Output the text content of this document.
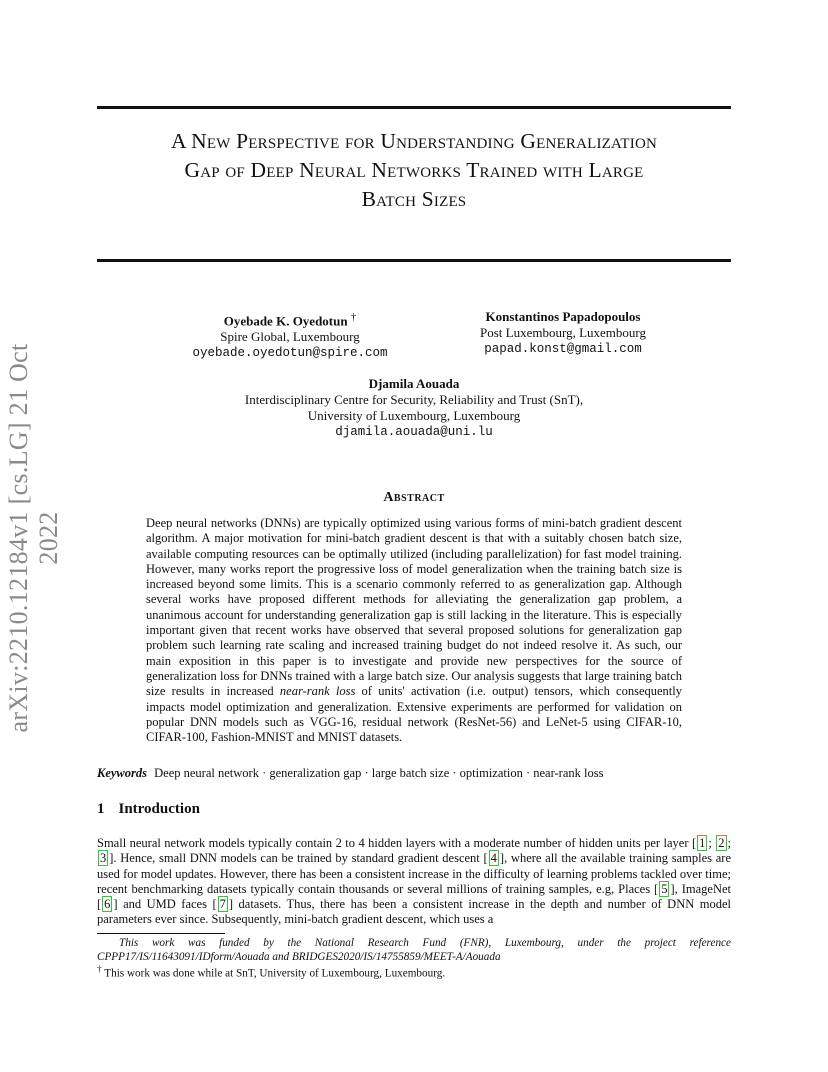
arXiv:2210.12184v1 [cs.LG] 21 Oct 2022
A New Perspective for Understanding Generalization
Gap of Deep Neural Networks Trained with Large
Batch Sizes
Oyebade K. Oyedotun †
Spire Global, Luxembourg
oyebade.oyedotun@spire.com
Konstantinos Papadopoulos
Post Luxembourg, Luxembourg
papad.konst@gmail.com
Djamila Aouada
Interdisciplinary Centre for Security, Reliability and Trust (SnT),
University of Luxembourg, Luxembourg
djamila.aouada@uni.lu
Abstract
Deep neural networks (DNNs) are typically optimized using various forms of mini-batch gradient descent algorithm. A major motivation for mini-batch gradient descent is that with a suitably chosen batch size, available computing resources can be optimally utilized (including parallelization) for fast model training. However, many works report the progressive loss of model generalization when the training batch size is increased beyond some limits. This is a scenario commonly referred to as generalization gap. Although several works have proposed different methods for alleviating the generalization gap problem, a unanimous account for understanding generalization gap is still lacking in the literature. This is especially important given that recent works have observed that several proposed solutions for generalization gap problem such learning rate scaling and increased training budget do not indeed resolve it. As such, our main exposition in this paper is to investigate and provide new perspectives for the source of generalization loss for DNNs trained with a large batch size. Our analysis suggests that large training batch size results in increased near-rank loss of units' activation (i.e. output) tensors, which consequently impacts model optimization and generalization. Extensive experiments are performed for validation on popular DNN models such as VGG-16, residual network (ResNet-56) and LeNet-5 using CIFAR-10, CIFAR-100, Fashion-MNIST and MNIST datasets.
Keywords Deep neural network · generalization gap · large batch size · optimization · near-rank loss
1 Introduction
Small neural network models typically contain 2 to 4 hidden layers with a moderate number of hidden units per layer [ 1 ; 2 ; 3 ]. Hence, small DNN models can be trained by standard gradient descent [ 4 ], where all the available training samples are used for model updates. However, there has been a consistent increase in the difficulty of learning problems tackled over time; recent benchmarking datasets typically contain thousands or several millions of training samples, e.g, Places [ 5 ], ImageNet [ 6 ] and UMD faces [ 7 ] datasets. Thus, there has been a consistent increase in the depth and number of DNN model parameters ever since. Subsequently, mini-batch gradient descent, which uses a
This work was funded by the National Research Fund (FNR), Luxembourg, under the project reference CPPP17/IS/11643091/IDform/Aouada and BRIDGES2020/IS/14755859/MEET-A/Aouada
† This work was done while at SnT, University of Luxembourg, Luxembourg.
